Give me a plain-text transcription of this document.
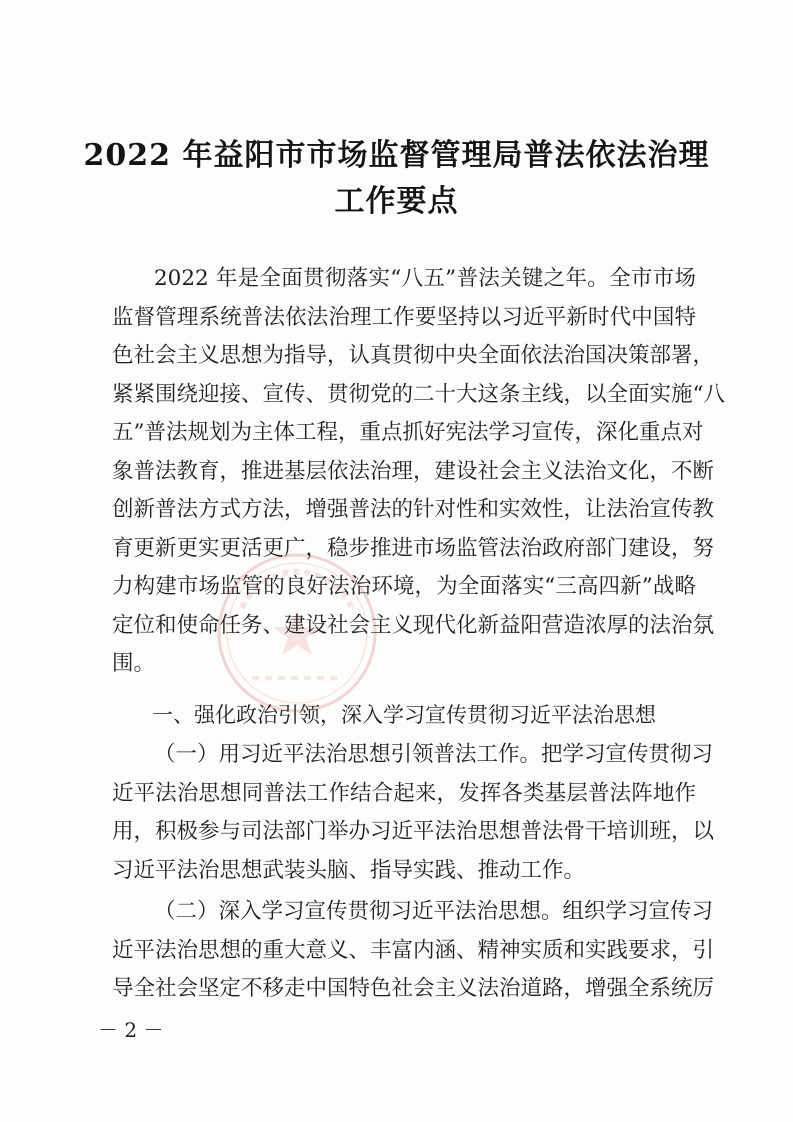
2022 年益阳市市场监督管理局普法依法治理
工作要点
2022 年是全面贯彻落实“八五”普法关键之年。全市市场
监督管理系统普法依法治理工作要坚持以习近平新时代中国特
色社会主义思想为指导，认真贯彻中央全面依法治国决策部署，
紧紧围绕迎接、宣传、贯彻党的二十大这条主线，以全面实施“八
五”普法规划为主体工程，重点抓好宪法学习宣传，深化重点对
象普法教育，推进基层依法治理，建设社会主义法治文化，不断
创新普法方式方法，增强普法的针对性和实效性，让法治宣传教
育更新更实更活更广，稳步推进市场监管法治政府部门建设，努
力构建市场监管的良好法治环境，为全面落实“三高四新”战略
定位和使命任务、建设社会主义现代化新益阳营造浓厚的法治氛
围。
一、强化政治引领，深入学习宣传贯彻习近平法治思想
（一）用习近平法治思想引领普法工作。把学习宣传贯彻习
近平法治思想同普法工作结合起来，发挥各类基层普法阵地作
用，积极参与司法部门举办习近平法治思想普法骨干培训班，以
习近平法治思想武装头脑、指导实践、推动工作。
（二）深入学习宣传贯彻习近平法治思想。组织学习宣传习
近平法治思想的重大意义、丰富内涵、精神实质和实践要求，引
导全社会坚定不移走中国特色社会主义法治道路，增强全系统厉
－ 2 －
